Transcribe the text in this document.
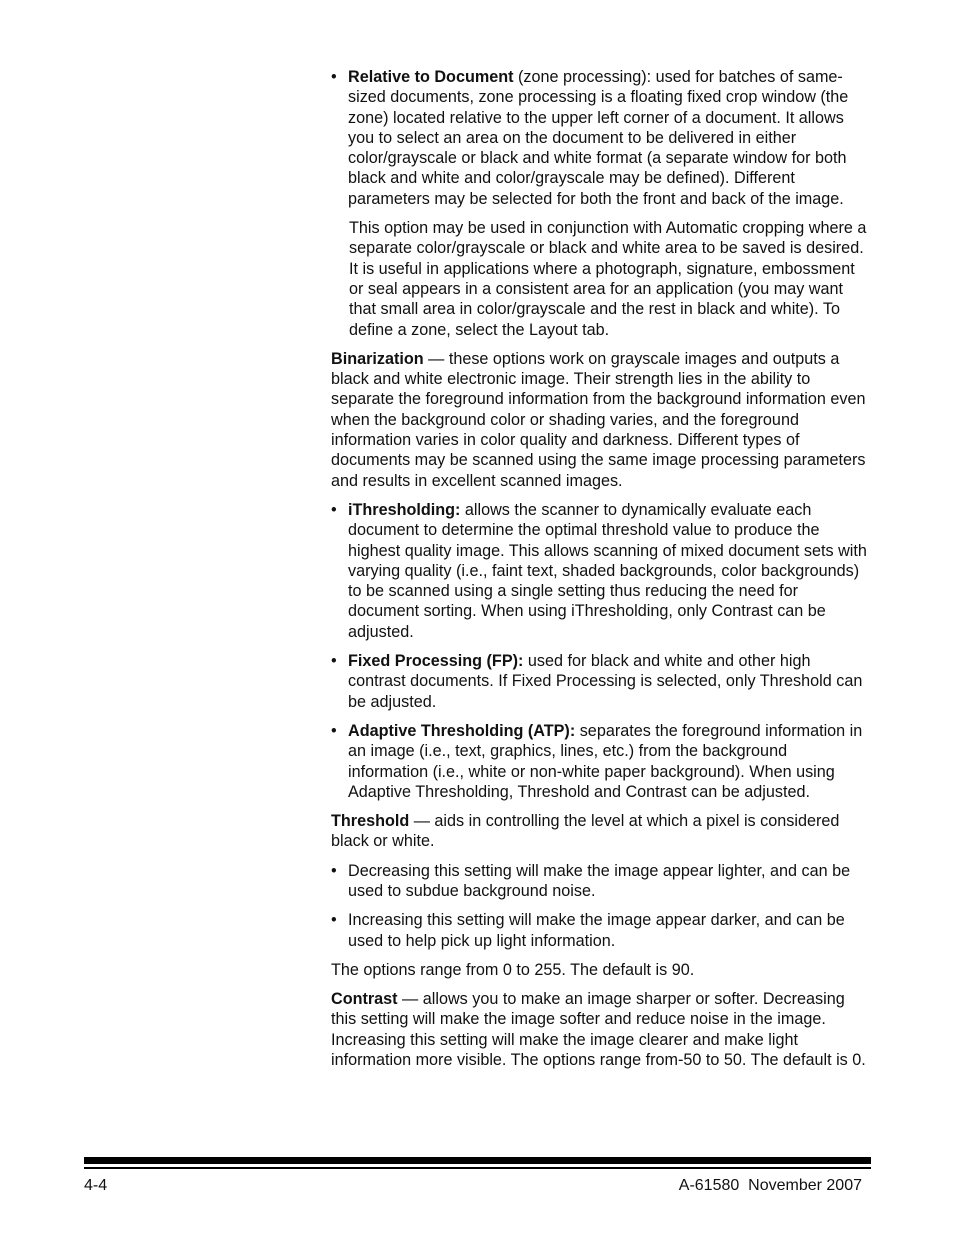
• Relative to Document (zone processing): used for batches of same-sized documents, zone processing is a floating fixed crop window (the zone) located relative to the upper left corner of a document. It allows you to select an area on the document to be delivered in either color/grayscale or black and white format (a separate window for both black and white and color/grayscale may be defined). Different parameters may be selected for both the front and back of the image.
This option may be used in conjunction with Automatic cropping where a separate color/grayscale or black and white area to be saved is desired. It is useful in applications where a photograph, signature, embossment or seal appears in a consistent area for an application (you may want that small area in color/grayscale and the rest in black and white). To define a zone, select the Layout tab.
Binarization — these options work on grayscale images and outputs a black and white electronic image. Their strength lies in the ability to separate the foreground information from the background information even when the background color or shading varies, and the foreground information varies in color quality and darkness. Different types of documents may be scanned using the same image processing parameters and results in excellent scanned images.
• iThresholding: allows the scanner to dynamically evaluate each document to determine the optimal threshold value to produce the highest quality image. This allows scanning of mixed document sets with varying quality (i.e., faint text, shaded backgrounds, color backgrounds) to be scanned using a single setting thus reducing the need for document sorting. When using iThresholding, only Contrast can be adjusted.
• Fixed Processing (FP): used for black and white and other high contrast documents. If Fixed Processing is selected, only Threshold can be adjusted.
• Adaptive Thresholding (ATP): separates the foreground information in an image (i.e., text, graphics, lines, etc.) from the background information (i.e., white or non-white paper background). When using Adaptive Thresholding, Threshold and Contrast can be adjusted.
Threshold — aids in controlling the level at which a pixel is considered black or white.
• Decreasing this setting will make the image appear lighter, and can be used to subdue background noise.
• Increasing this setting will make the image appear darker, and can be used to help pick up light information.
The options range from 0 to 255. The default is 90.
Contrast — allows you to make an image sharper or softer. Decreasing this setting will make the image softer and reduce noise in the image. Increasing this setting will make the image clearer and make light information more visible. The options range from-50 to 50. The default is 0.
4-4	A-61580  November 2007
